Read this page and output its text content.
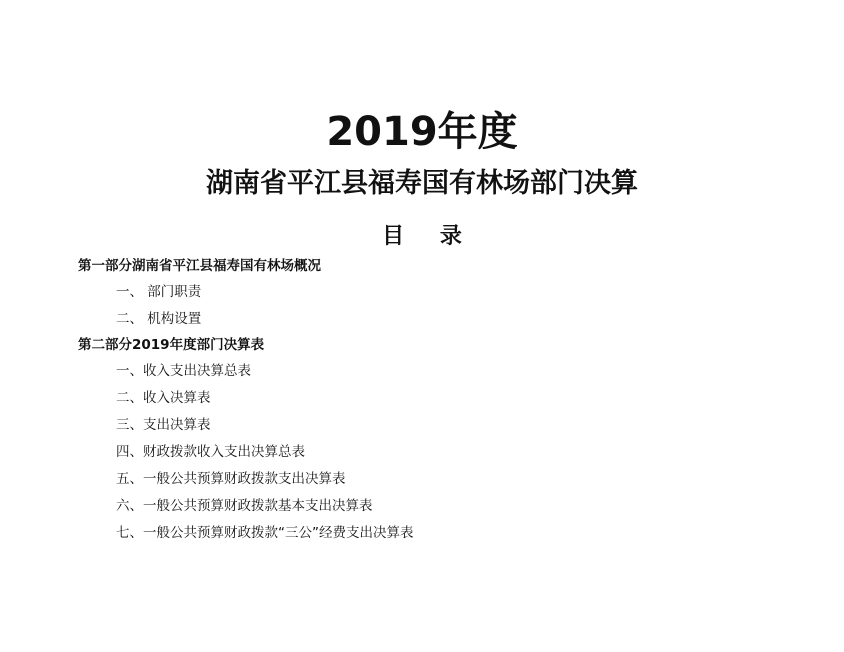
2019年度
湖南省平江县福寿国有林场部门决算
目 录
第一部分湖南省平江县福寿国有林场概况
一、 部门职责
二、 机构设置
第二部分2019年度部门决算表
一、收入支出决算总表
二、收入决算表
三、支出决算表
四、财政拨款收入支出决算总表
五、一般公共预算财政拨款支出决算表
六、一般公共预算财政拨款基本支出决算表
七、一般公共预算财政拨款“三公”经费支出决算表
